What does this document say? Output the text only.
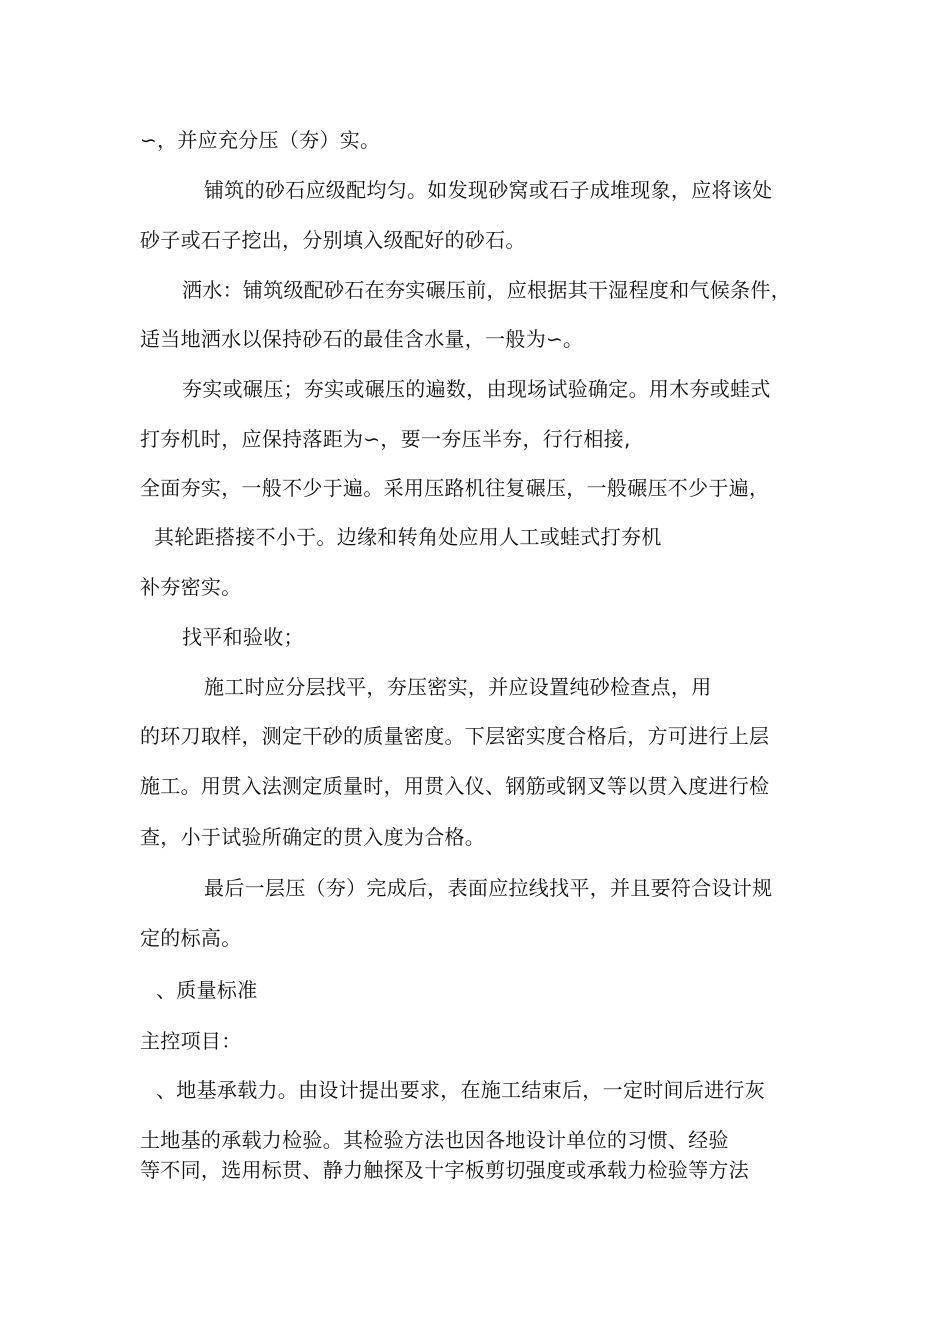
∽，并应充分压（夯）实。
铺筑的砂石应级配均匀。如发现砂窝或石子成堆现象，应将该处
砂子或石子挖出，分别填入级配好的砂石。
洒水：铺筑级配砂石在夯实碾压前，应根据其干湿程度和气候条件，
适当地洒水以保持砂石的最佳含水量，一般为∽。
夯实或碾压；夯实或碾压的遍数，由现场试验确定。用木夯或蛙式
打夯机时，应保持落距为∽，要一夯压半夯，行行相接,
全面夯实，一般不少于遍。采用压路机往复碾压，一般碾压不少于遍，
其轮距搭接不小于。边缘和转角处应用人工或蛙式打夯机
补夯密实。
找平和验收；
施工时应分层找平，夯压密实，并应设置纯砂检查点，用
的环刀取样，测定干砂的质量密度。下层密实度合格后，方可进行上层
施工。用贯入法测定质量时，用贯入仪、钢筋或钢叉等以贯入度进行检
查，小于试验所确定的贯入度为合格。
最后一层压（夯）完成后，表面应拉线找平，并且要符合设计规
定的标高。
、质量标准
主控项目：
、地基承载力。由设计提出要求，在施工结束后，一定时间后进行灰
土地基的承载力检验。其检验方法也因各地设计单位的习惯、经验
等不同，选用标贯、静力触探及十字板剪切强度或承载力检验等方法
